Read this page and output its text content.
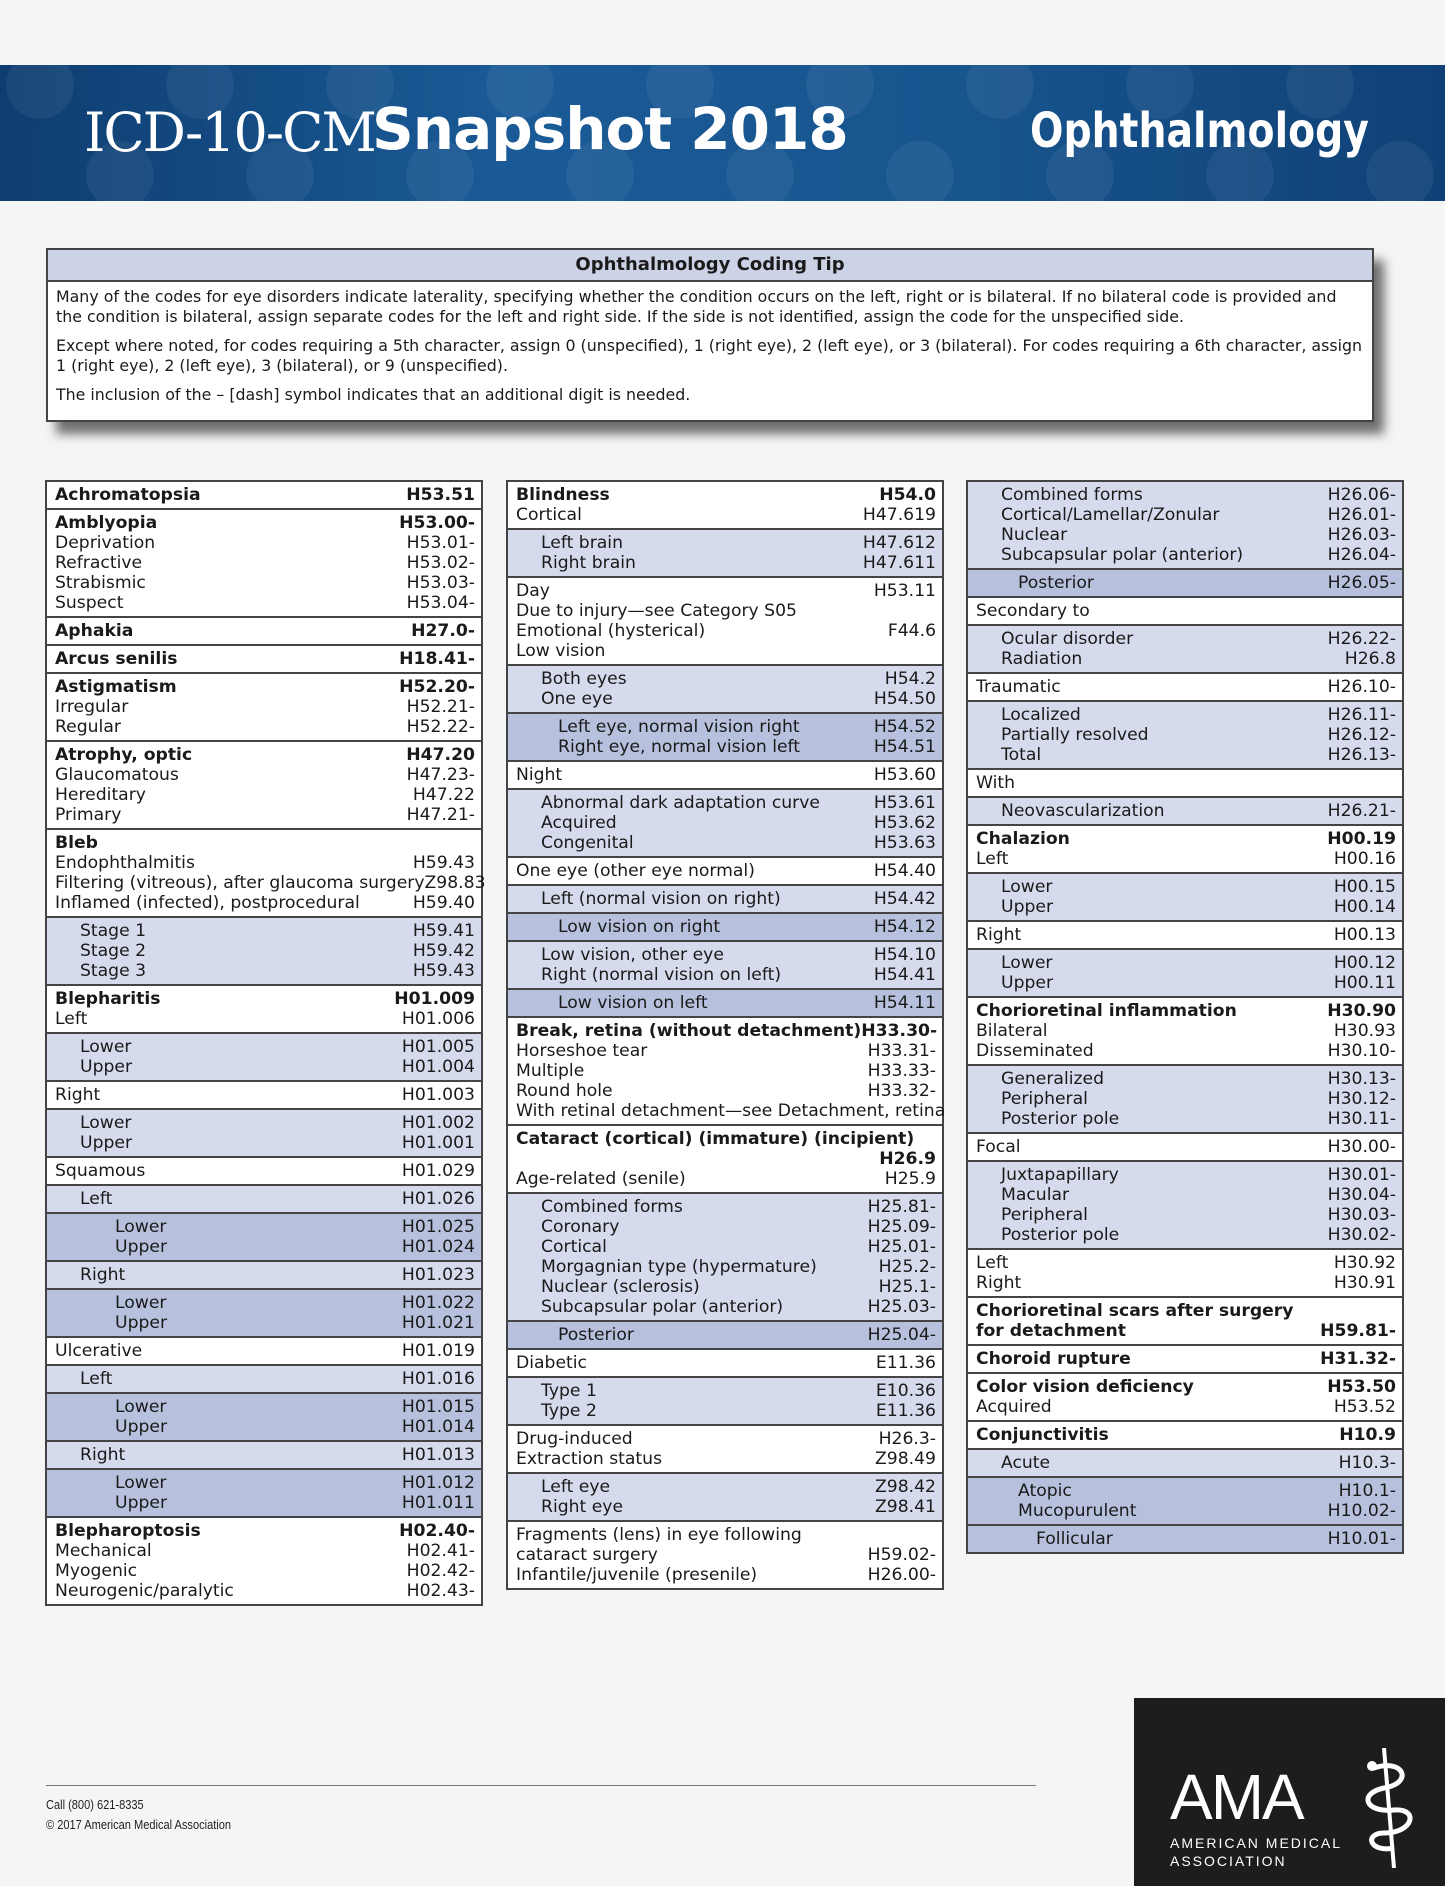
ICD-10-CM
Snapshot 2018	Ophthalmology
Ophthalmology Coding Tip

Many of the codes for eye disorders indicate laterality, specifying whether the condition occurs on the left, right or is bilateral. If no bilateral code is provided and the condition is bilateral, assign separate codes for the left and right side. If the side is not identified, assign the code for the unspecified side.

Except where noted, for codes requiring a 5th character, assign 0 (unspecified), 1 (right eye), 2 (left eye), or 3 (bilateral). For codes requiring a 6th character, assign 1 (right eye), 2 (left eye), 3 (bilateral), or 9 (unspecified).

The inclusion of the – [dash] symbol indicates that an additional digit is needed.

Achromatopsia	H53.51
Amblyopia	H53.00-
Deprivation	H53.01-
Refractive	H53.02-
Strabismic	H53.03-
Suspect	H53.04-
Aphakia	H27.0-
Arcus senilis	H18.41-
Astigmatism	H52.20-
Irregular	H52.21-
Regular	H52.22-
Atrophy, optic	H47.20
Glaucomatous	H47.23-
Hereditary	H47.22
Primary	H47.21-
Bleb
Endophthalmitis	H59.43
Filtering (vitreous), after glaucoma surgery Z98.83
Inflamed (infected), postprocedural	H59.40
Stage 1	H59.41
Stage 2	H59.42
Stage 3	H59.43
Blepharitis	H01.009
Left	H01.006
Lower	H01.005
Upper	H01.004
Right	H01.003
Lower	H01.002
Upper	H01.001
Squamous	H01.029
Left	H01.026
Lower	H01.025
Upper	H01.024
Right	H01.023
Lower	H01.022
Upper	H01.021
Ulcerative	H01.019
Left	H01.016
Lower	H01.015
Upper	H01.014
Right	H01.013
Lower	H01.012
Upper	H01.011
Blepharoptosis	H02.40-
Mechanical	H02.41-
Myogenic	H02.42-
Neurogenic/paralytic	H02.43-
Blindness	H54.0
Cortical	H47.619
Left brain	H47.612
Right brain	H47.611
Day	H53.11
Due to injury—see Category S05
Emotional (hysterical)	F44.6
Low vision
Both eyes	H54.2
One eye	H54.50
Left eye, normal vision right	H54.52
Right eye, normal vision left	H54.51
Night	H53.60
Abnormal dark adaptation curve	H53.61
Acquired	H53.62
Congenital	H53.63
One eye (other eye normal)	H54.40
Left (normal vision on right)	H54.42
Low vision on right	H54.12
Low vision, other eye	H54.10
Right (normal vision on left)	H54.41
Low vision on left	H54.11
Break, retina (without detachment) H33.30-
Horseshoe tear	H33.31-
Multiple	H33.33-
Round hole	H33.32-
With retinal detachment—see Detachment, retina
Cataract (cortical) (immature) (incipient)
H26.9
Age-related (senile)	H25.9
Combined forms	H25.81-
Coronary	H25.09-
Cortical	H25.01-
Morgagnian type (hypermature)	H25.2-
Nuclear (sclerosis)	H25.1-
Subcapsular polar (anterior)	H25.03-
Posterior	H25.04-
Diabetic	E11.36
Type 1	E10.36
Type 2	E11.36
Drug-induced	H26.3-
Extraction status	Z98.49
Left eye	Z98.42
Right eye	Z98.41
Fragments (lens) in eye following
cataract surgery	H59.02-
Infantile/juvenile (presenile)	H26.00-
Combined forms	H26.06-
Cortical/Lamellar/Zonular	H26.01-
Nuclear	H26.03-
Subcapsular polar (anterior)	H26.04-
Posterior	H26.05-
Secondary to
Ocular disorder	H26.22-
Radiation	H26.8
Traumatic	H26.10-
Localized	H26.11-
Partially resolved	H26.12-
Total	H26.13-
With
Neovascularization	H26.21-
Chalazion	H00.19
Left	H00.16
Lower	H00.15
Upper	H00.14
Right	H00.13
Lower	H00.12
Upper	H00.11
Chorioretinal inflammation	H30.90
Bilateral	H30.93
Disseminated	H30.10-
Generalized	H30.13-
Peripheral	H30.12-
Posterior pole	H30.11-
Focal	H30.00-
Juxtapapillary	H30.01-
Macular	H30.04-
Peripheral	H30.03-
Posterior pole	H30.02-
Left	H30.92
Right	H30.91
Chorioretinal scars after surgery
for detachment	H59.81-
Choroid rupture	H31.32-
Color vision deficiency	H53.50
Acquired	H53.52
Conjunctivitis	H10.9
Acute	H10.3-
Atopic	H10.1-
Mucopurulent	H10.02-
Follicular	H10.01-
Call (800) 621-8335
© 2017 American Medical Association	AMA
AMERICAN MEDICAL
ASSOCIATION
